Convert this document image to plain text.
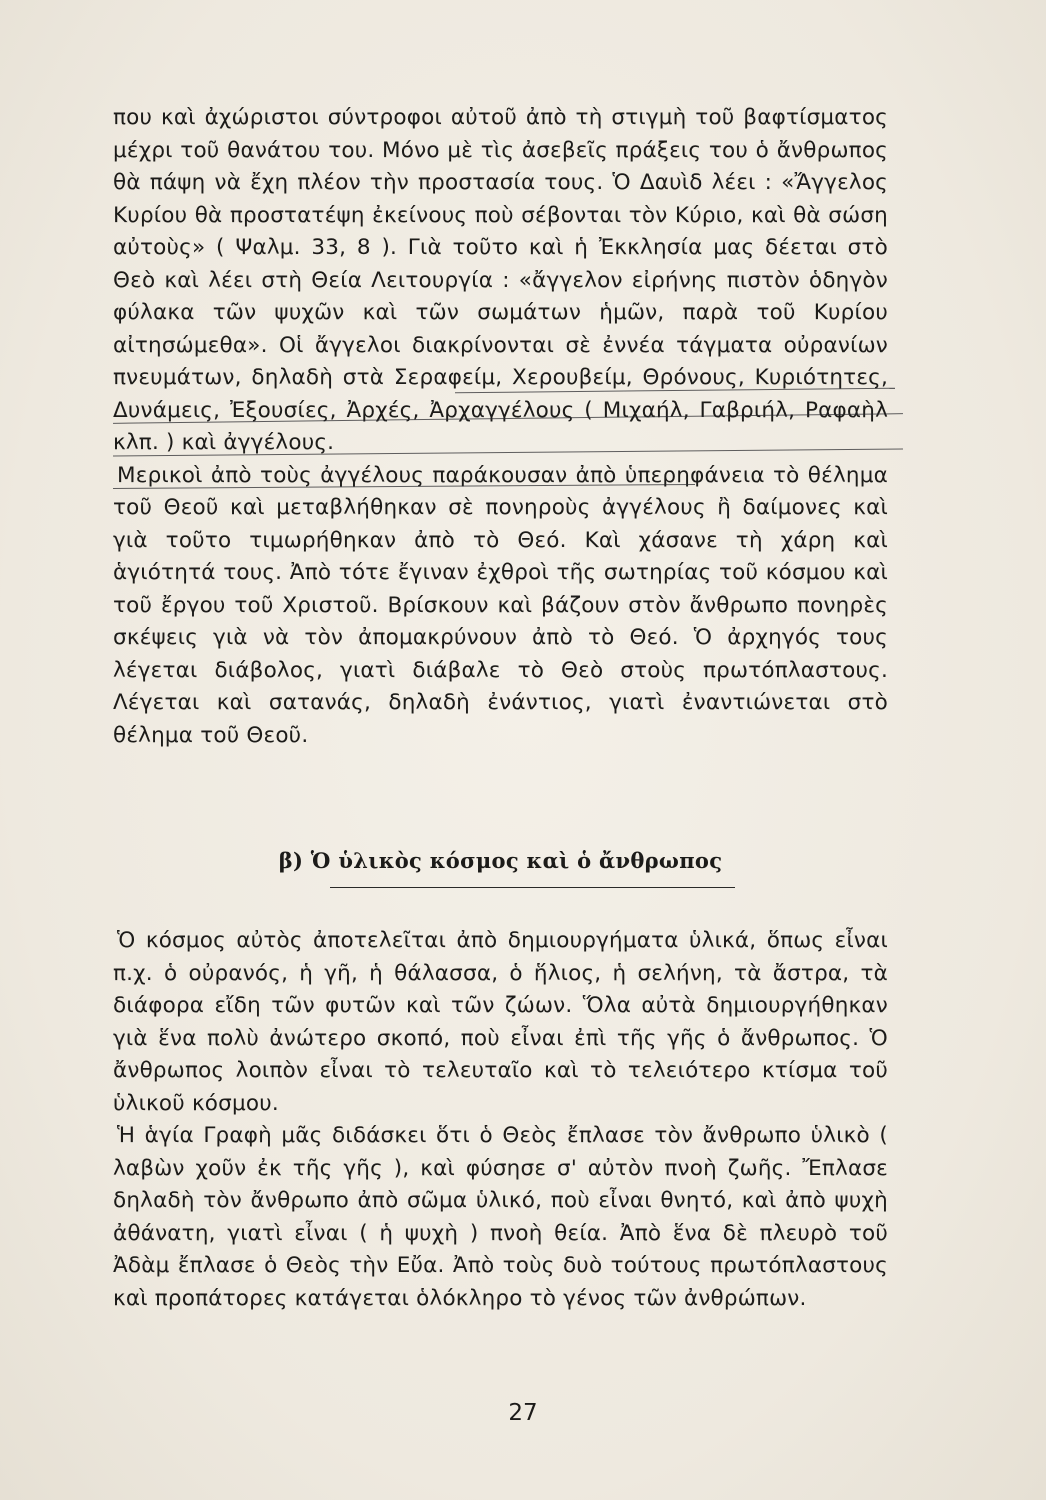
που καὶ ἀχώριστοι σύντροφοι αὐτοῦ ἀπὸ τὴ στιγμὴ τοῦ βαφτίσματος μέχρι τοῦ θανάτου του. Μόνο μὲ τὶς ἀσεβεῖς πράξεις του ὁ ἄνθρωπος θὰ πάψη νὰ ἔχη πλέον τὴν προστασία τους. Ὁ Δαυὶδ λέει : «Ἄγγελος Κυρίου θὰ προστατέψη ἐκείνους ποὺ σέβονται τὸν Κύριο, καὶ θὰ σώση αὐτοὺς» ( Ψαλμ. 33, 8 ). Γιὰ τοῦτο καὶ ἡ Ἐκκλησία μας δέεται στὸ Θεὸ καὶ λέει στὴ Θεία Λειτουργία : «ἄγγελον εἰρήνης πιστὸν ὁδηγὸν φύλακα τῶν ψυχῶν καὶ τῶν σωμάτων ἡμῶν, παρὰ τοῦ Κυρίου αἰτησώμεθα». Οἱ ἄγγελοι διακρίνονται σὲ ἐννέα τάγματα οὐρανίων πνευμάτων, δηλαδὴ στὰ Σεραφείμ, Χερουβείμ, Θρόνους, Κυριότητες, Δυνάμεις, Ἐξουσίες, Ἀρχές, Ἀρχαγγέλους ( Μιχαήλ, Γαβριήλ, Ραφαὴλ κλπ. ) καὶ ἀγγέλους.

Μερικοὶ ἀπὸ τοὺς ἀγγέλους παράκουσαν ἀπὸ ὑπερηφάνεια τὸ θέλημα τοῦ Θεοῦ καὶ μεταβλήθηκαν σὲ πονηροὺς ἀγγέλους ἢ δαίμονες καὶ γιὰ τοῦτο τιμωρήθηκαν ἀπὸ τὸ Θεό. Καὶ χάσανε τὴ χάρη καὶ ἁγιότητά τους. Ἀπὸ τότε ἔγιναν ἐχθροὶ τῆς σωτηρίας τοῦ κόσμου καὶ τοῦ ἔργου τοῦ Χριστοῦ. Βρίσκουν καὶ βάζουν στὸν ἄνθρωπο πονηρὲς σκέψεις γιὰ νὰ τὸν ἀπομακρύνουν ἀπὸ τὸ Θεό. Ὁ ἀρχηγός τους λέγεται διάβολος, γιατὶ διάβαλε τὸ Θεὸ στοὺς πρωτόπλαστους. Λέγεται καὶ σατανάς, δηλαδὴ ἐνάντιος, γιατὶ ἐναντιώνεται στὸ θέλημα τοῦ Θεοῦ.

β) Ὁ ὑλικὸς κόσμος καὶ ὁ ἄνθρωπος

Ὁ κόσμος αὐτὸς ἀποτελεῖται ἀπὸ δημιουργήματα ὑλικά, ὅπως εἶναι π.χ. ὁ οὐρανός, ἡ γῆ, ἡ θάλασσα, ὁ ἥλιος, ἡ σελήνη, τὰ ἄστρα, τὰ διάφορα εἴδη τῶν φυτῶν καὶ τῶν ζώων. Ὅλα αὐτὰ δημιουργήθηκαν γιὰ ἕνα πολὺ ἀνώτερο σκοπό, ποὺ εἶναι ἐπὶ τῆς γῆς ὁ ἄνθρωπος. Ὁ ἄνθρωπος λοιπὸν εἶναι τὸ τελευταῖο καὶ τὸ τελειότερο κτίσμα τοῦ ὑλικοῦ κόσμου.

Ἡ ἁγία Γραφὴ μᾶς διδάσκει ὅτι ὁ Θεὸς ἔπλασε τὸν ἄνθρωπο ὑλικὸ ( λαβὼν χοῦν ἐκ τῆς γῆς ), καὶ φύσησε σ' αὐτὸν πνοὴ ζωῆς. Ἔπλασε δηλαδὴ τὸν ἄνθρωπο ἀπὸ σῶμα ὑλικό, ποὺ εἶναι θνητό, καὶ ἀπὸ ψυχὴ ἀθάνατη, γιατὶ εἶναι ( ἡ ψυχὴ ) πνοὴ θεία. Ἀπὸ ἕνα δὲ πλευρὸ τοῦ Ἀδὰμ ἔπλασε ὁ Θεὸς τὴν Εὔα. Ἀπὸ τοὺς δυὸ τούτους πρωτόπλαστους καὶ προπάτορες κατάγεται ὁλόκληρο τὸ γένος τῶν ἀνθρώπων.

27
